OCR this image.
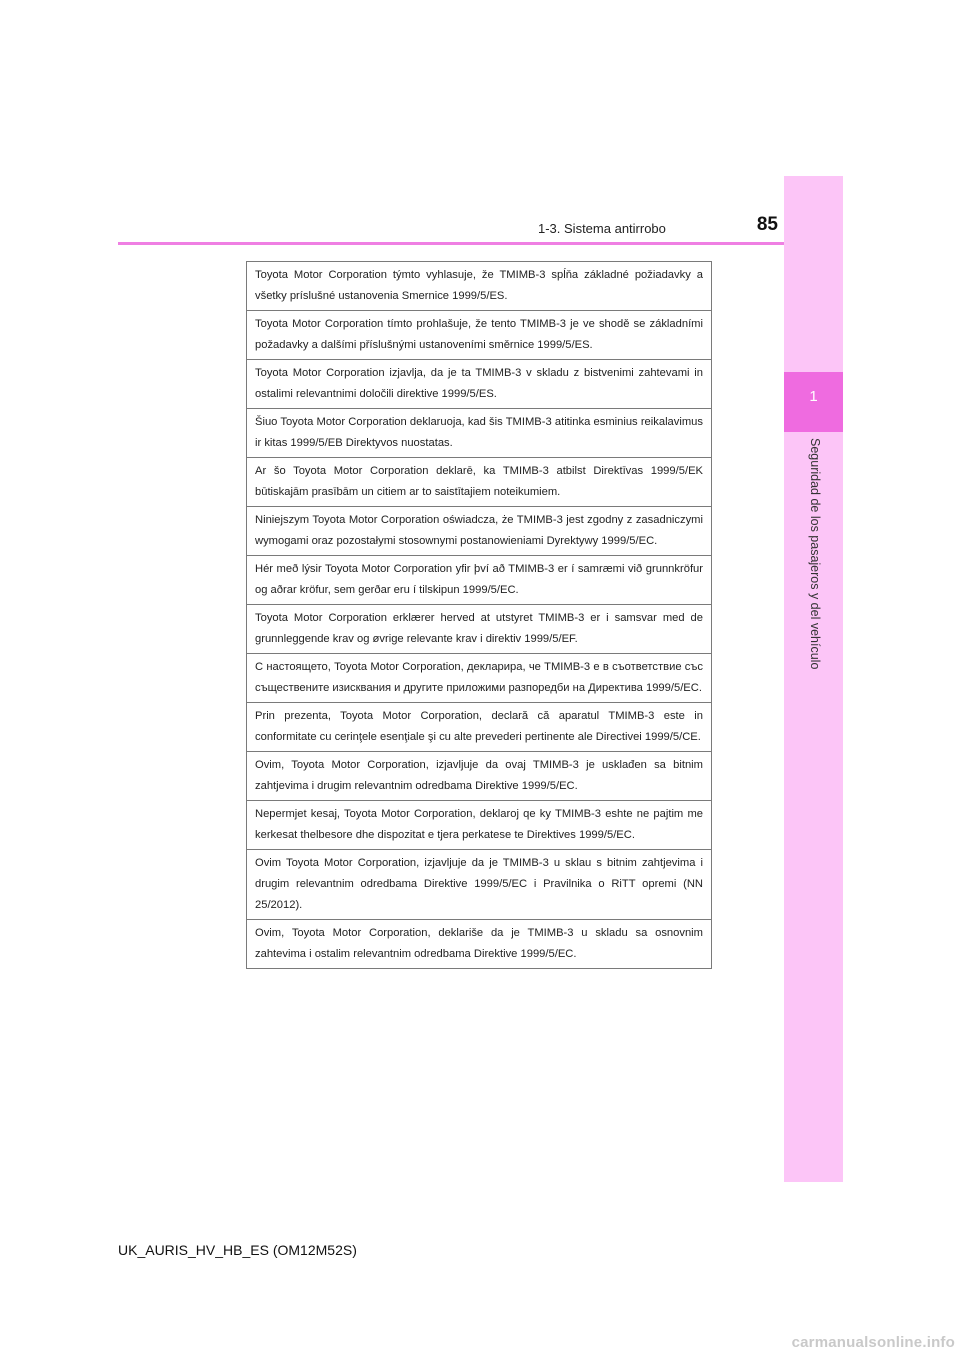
1
Seguridad de los pasajeros y del vehículo
1-3. Sistema antirrobo	85
Toyota Motor Corporation týmto vyhlasuje, že TMIMB-3 spĺňa základné požiadavky a všetky príslušné ustanovenia Smernice 1999/5/ES.
Toyota Motor Corporation tímto prohlašuje, že tento TMIMB-3 je ve shodě se základními požadavky a dalšími příslušnými ustanoveními směrnice 1999/5/ES.
Toyota Motor Corporation izjavlja, da je ta TMIMB-3 v skladu z bistvenimi zahtevami in ostalimi relevantnimi določili direktive 1999/5/ES.
Šiuo Toyota Motor Corporation deklaruoja, kad šis TMIMB-3 atitinka esminius reikalavimus ir kitas 1999/5/EB Direktyvos nuostatas.
Ar šo Toyota Motor Corporation deklarē, ka TMIMB-3 atbilst Direktīvas 1999/5/EK būtiskajām prasībām un citiem ar to saistītajiem noteikumiem.
Niniejszym Toyota Motor Corporation oświadcza, że TMIMB-3 jest zgodny z zasadniczymi wymogami oraz pozostałymi stosownymi postanowieniami Dyrektywy 1999/5/EC.
Hér með lýsir Toyota Motor Corporation yfir því að TMIMB-3 er í samræmi við grunnkröfur og aðrar kröfur, sem gerðar eru í tilskipun 1999/5/EC.
Toyota Motor Corporation erklærer herved at utstyret TMIMB-3 er i samsvar med de grunnleggende krav og øvrige relevante krav i direktiv 1999/5/EF.
С настоящето, Toyota Motor Corporation, декларира, че TMIMB-3 е в съответствие със съществените изисквания и другите приложими разпоредби на Директива 1999/5/ЕС.
Prin prezenta, Toyota Motor Corporation, declară că aparatul TMIMB-3 este in conformitate cu cerinţele esenţiale şi cu alte prevederi pertinente ale Directivei 1999/5/CE.
Ovim, Toyota Motor Corporation, izjavljuje da ovaj TMIMB-3 je usklađen sa bitnim zahtjevima i drugim relevantnim odredbama Direktive 1999/5/EC.
Nepermjet kesaj, Toyota Motor Corporation, deklaroj qe ky TMIMB-3 eshte ne pajtim me kerkesat thelbesore dhe dispozitat e tjera perkatese te Direktives 1999/5/EC.
Ovim Toyota Motor Corporation, izjavljuje da je TMIMB-3 u sklau s bitnim zahtjevima i drugim relevantnim odredbama Direktive 1999/5/EC i Pravilnika o RiTT opremi (NN 25/2012).
Ovim, Toyota Motor Corporation, deklariše da je TMIMB-3 u skladu sa osnovnim zahtevima i ostalim relevantnim odredbama Direktive 1999/5/EC.
UK_AURIS_HV_HB_ES (OM12M52S)
carmanualsonline.info
